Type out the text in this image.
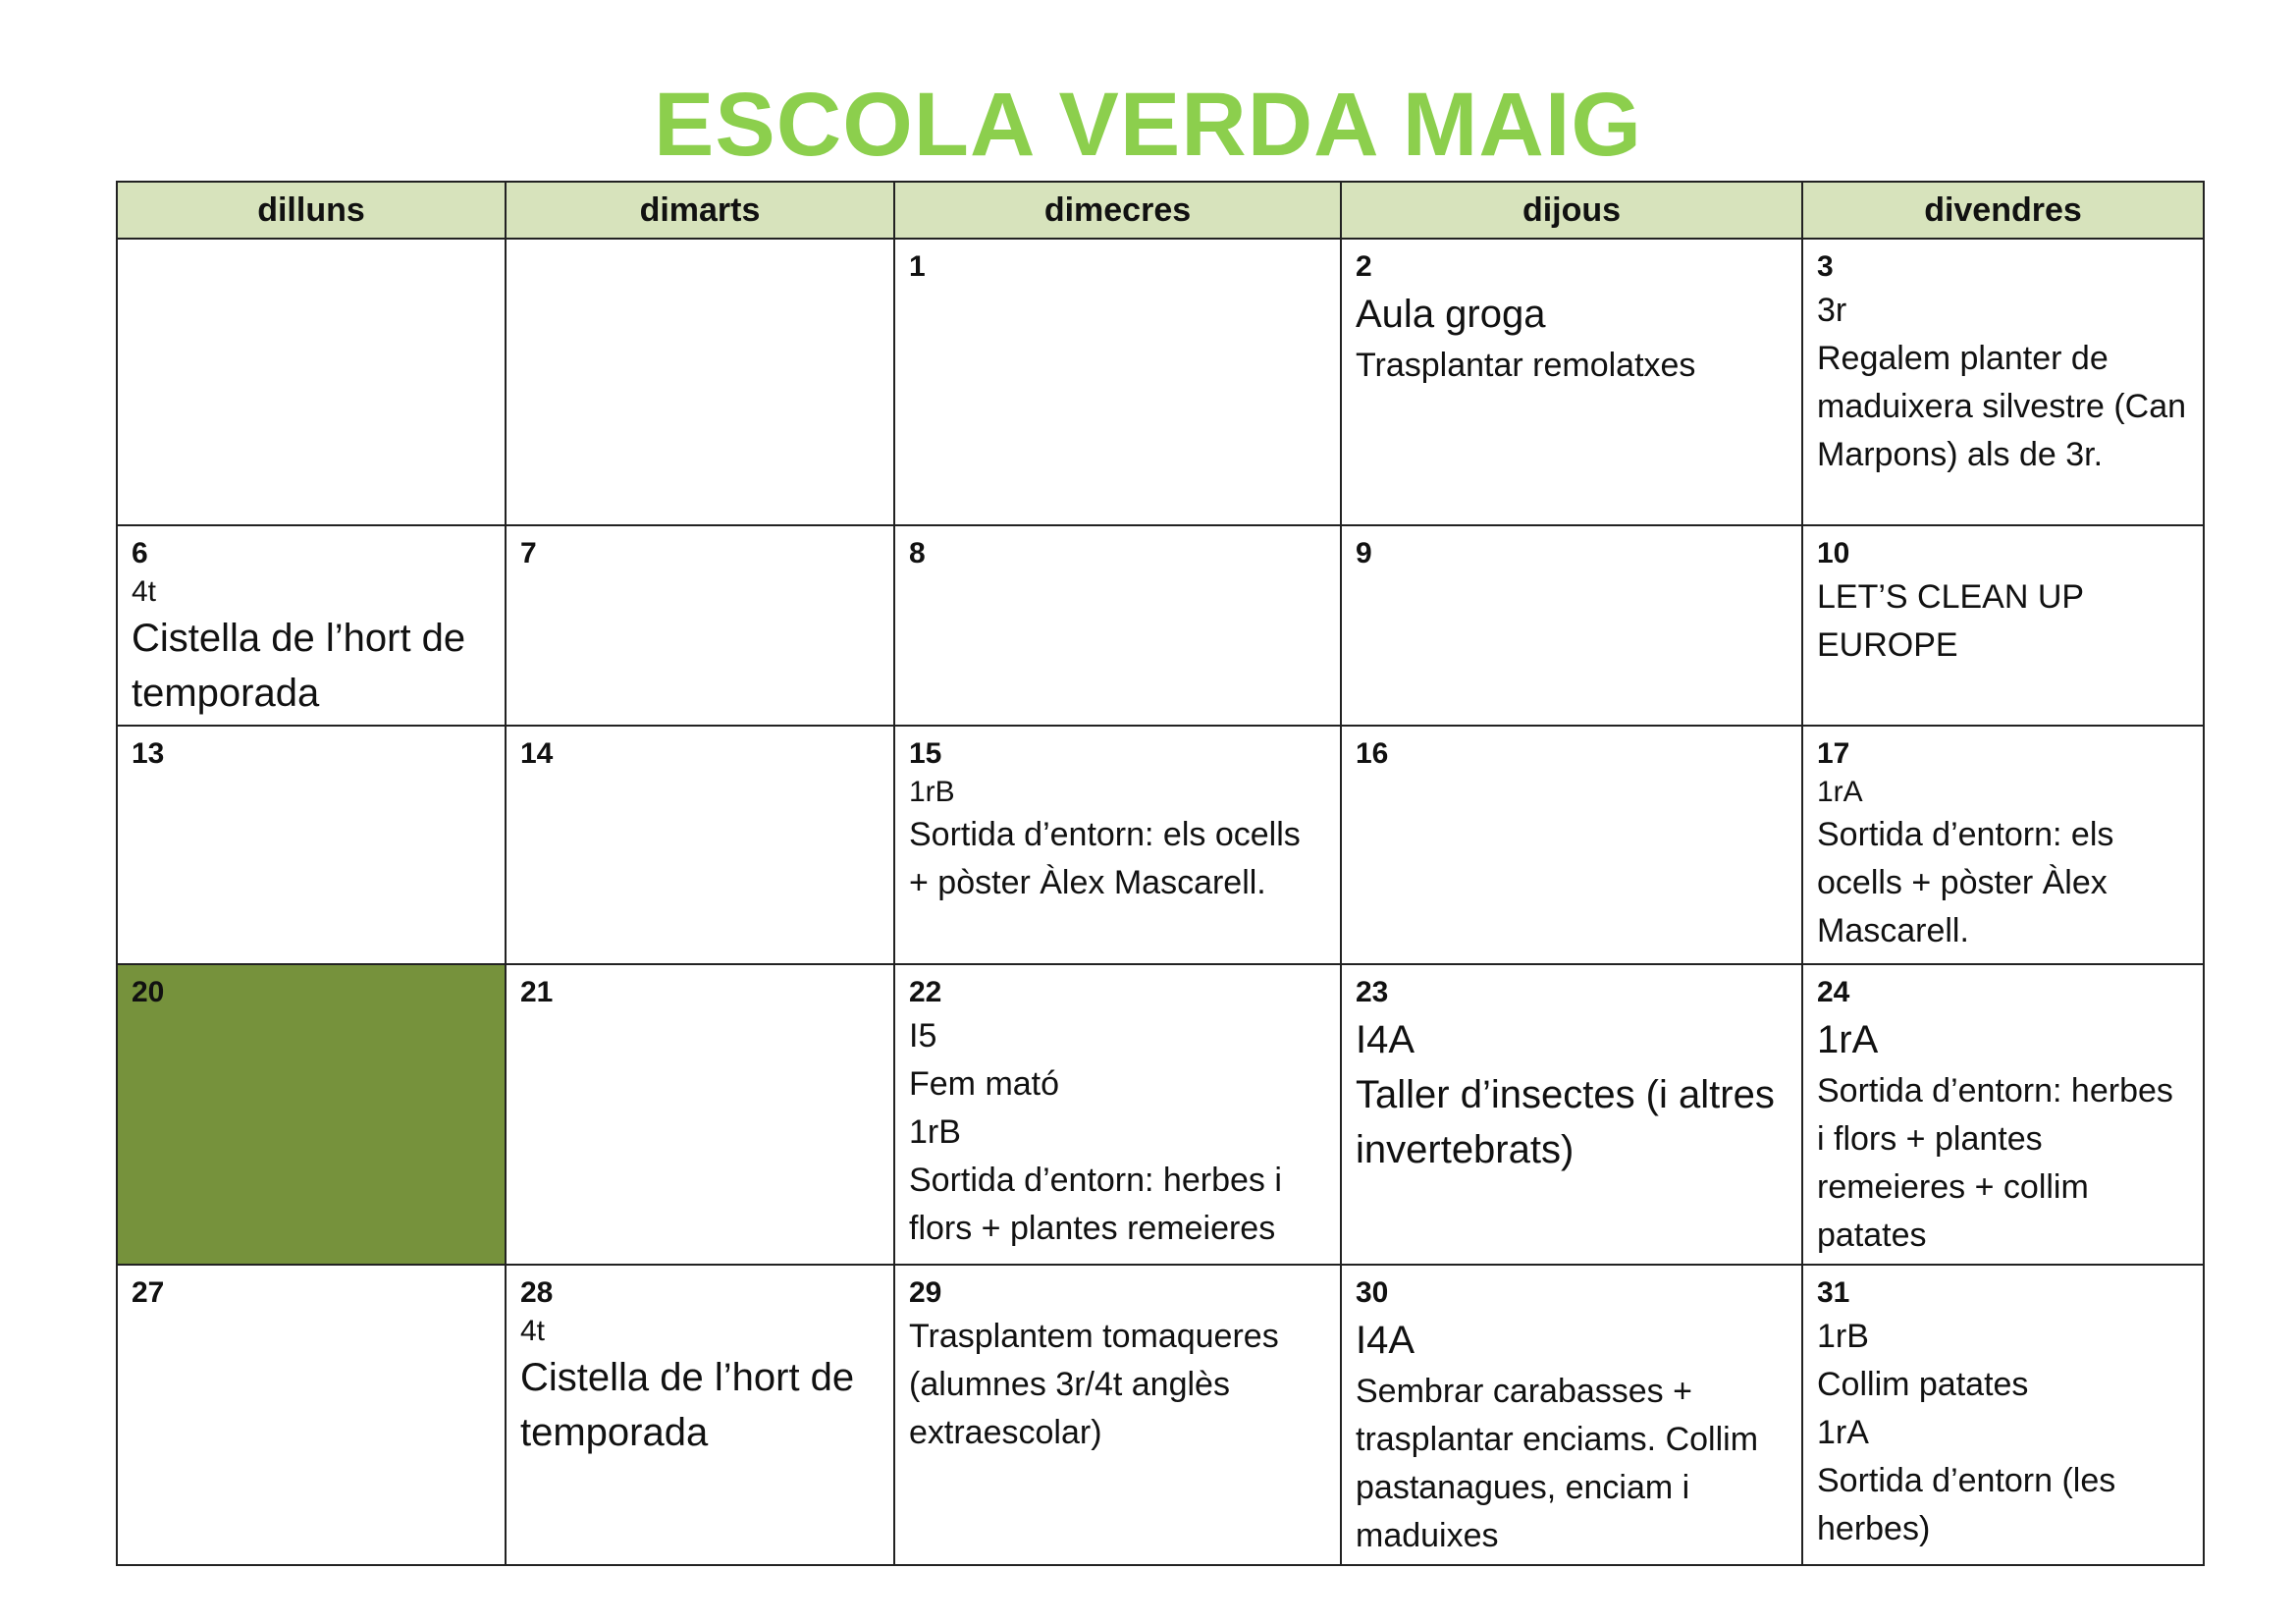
ESCOLA VERDA MAIG
dilluns	dimarts	dimecres	dijous	divendres

		1	2
Aula groga
Trasplantar remolatxes	3
3r
Regalem planter de maduixera silvestre (Can Marpons) als de 3r.

6
4t
Cistella de l’hort de temporada	7	8	9	10
LET’S CLEAN UP EUROPE

13	14	15
1rB
Sortida d’entorn: els ocells + pòster Àlex Mascarell.	16	17
1rA
Sortida d’entorn: els ocells + pòster Àlex Mascarell.

20	21	22
I5
Fem mató
1rB
Sortida d’entorn: herbes i flors + plantes remeieres	23
I4A
Taller d’insectes (i altres invertebrats)	24
1rA
Sortida d’entorn: herbes i flors + plantes remeieres + collim patates

27	28
4t
Cistella de l’hort de temporada	29
Trasplantem tomaqueres (alumnes 3r/4t anglès extraescolar)	30
I4A
Sembrar carabasses + trasplantar enciams. Collim pastanagues, enciam i maduixes	31
1rB
Collim patates
1rA
Sortida d’entorn (les herbes)
